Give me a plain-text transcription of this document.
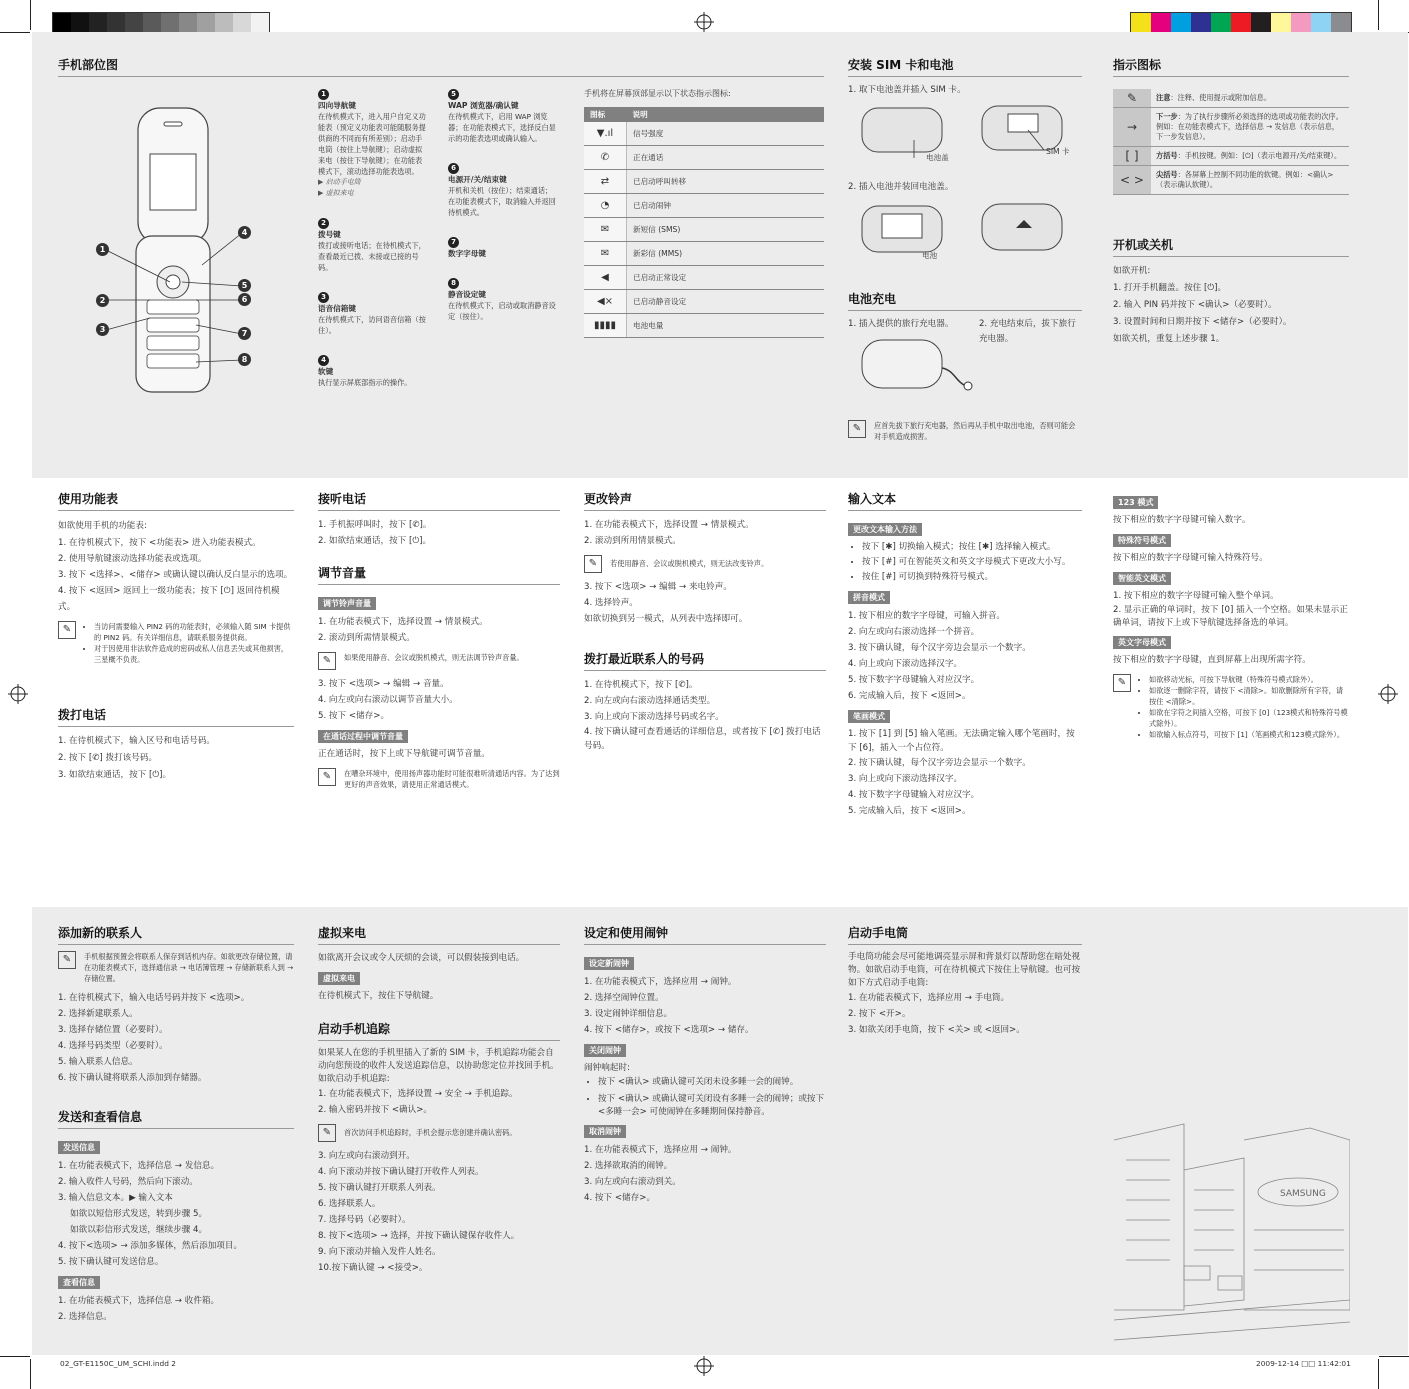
手机部位图
1
2
3
4
5
6
7
8
1
四向导航键
在待机模式下，进入用户自定义功能表（预定义功能表可能随服务提供商的不同而有所差别）；启动手电筒（按住上导航键）；启动虚拟来电（按住下导航键）；在功能表模式下，滚动选择功能表选项。
▶ 启动手电筒
▶ 虚拟来电
2
拨号键
拨打或接听电话；在待机模式下，查看最近已拨、未接或已接的号码。
3
语音信箱键
在待机模式下，访问语音信箱（按住）。
4
软键
执行显示屏底部指示的操作。
5
WAP 浏览器/确认键
在待机模式下，启用 WAP 浏览器；在功能表模式下，选择反白显示的功能表选项或确认输入。
6
电源开/关/结束键
开机和关机（按住）；结束通话；在功能表模式下，取消输入并返回待机模式。
7
数字字母键
8
静音设定键
在待机模式下，启动或取消静音设定（按住）。

手机将在屏幕顶部显示以下状态指示图标:

图标	说明
▼.ıl	信号强度
✆	正在通话
⇄	已启动呼叫转移
◔	已启动闹钟
✉	新短信 (SMS)
✉	新彩信 (MMS)
◀	已启动正常设定
◀×	已启动静音设定
▮▮▮▮	电池电量
安装 SIM 卡和电池

1. 取下电池盖并插入 SIM 卡。

电池盖
SIM 卡

2. 插入电池并装回电池盖。

电池
电池充电

1. 插入提供的旅行充电器。	2. 充电结束后，拔下旅行充电器。

✎	应首先拔下旅行充电器，然后再从手机中取出电池，否则可能会对手机造成损害。
指示图标
✎	注意：注释、使用提示或附加信息。
→	下一步：为了执行步骤所必须选择的选项或功能表的次序。例如：在功能表模式下，选择信息 → 发信息（表示信息，下一步发信息）。
[ ]	方括号：手机按键。例如：[⏻]（表示电源开/关/结束键）。
< >	尖括号：各屏幕上控制不同功能的软键。例如：<确认>（表示确认软键）。
开机或关机

如欲开机:

1. 打开手机翻盖。按住 [⏻]。

2. 输入 PIN 码并按下 <确认>（必要时）。

3. 设置时间和日期并按下 <储存>（必要时）。

如欲关机，重复上述步骤 1。

使用功能表

如欲使用手机的功能表:

1. 在待机模式下，按下 <功能表> 进入功能表模式。

2. 使用导航键滚动选择功能表或选项。

3. 按下 <选择>、<储存> 或确认键以确认反白显示的选项。

4. 按下 <返回> 返回上一级功能表；按下 [⏻] 返回待机模式。

✎	• 当访问需要输入 PIN2 码的功能表时，必须输入随 SIM 卡提供的 PIN2 码。有关详细信息，请联系服务提供商。
• 对于因使用非法软件造成的密码或私人信息丢失或其他损害，三星概不负责。
拨打电话

1. 在待机模式下，输入区号和电话号码。

2. 按下 [✆] 拨打该号码。

3. 如欲结束通话，按下 [⏻]。

接听电话

1. 手机振呼叫时，按下 [✆]。

2. 如欲结束通话，按下 [⏻]。

调节音量
调节铃声音量

1. 在功能表模式下，选择设置 → 情景模式。

2. 滚动到所需情景模式。

✎	如果使用静音、会议或脱机模式，则无法调节铃声音量。

3. 按下 <选项> → 编辑 → 音量。

4. 向左或向右滚动以调节音量大小。

5. 按下 <储存>。

在通话过程中调节音量

正在通话时，按下上或下导航键可调节音量。

✎	在嘈杂环境中，使用扬声器功能时可能很难听清通话内容。为了达到更好的声音效果，请使用正常通话模式。
更改铃声

1. 在功能表模式下，选择设置 → 情景模式。

2. 滚动到所用情景模式。

✎	若使用静音、会议或脱机模式，则无法改变铃声。

3. 按下 <选项> → 编辑 → 来电铃声。

4. 选择铃声。

如欲切换到另一模式，从列表中选择即可。

拨打最近联系人的号码

1. 在待机模式下，按下 [✆]。

2. 向左或向右滚动选择通话类型。

3. 向上或向下滚动选择号码或名字。

4. 按下确认键可查看通话的详细信息，或者按下 [✆] 拨打电话号码。

输入文本
更改文本输入方法
• 按下 [✱] 切换输入模式；按住 [✱] 选择输入模式。
• 按下 [#] 可在智能英文和英文字母模式下更改大小写。
• 按住 [#] 可切换到特殊符号模式。
拼音模式

1. 按下相应的数字字母键，可输入拼音。

2. 向左或向右滚动选择一个拼音。

3. 按下确认键，每个汉字旁边会显示一个数字。

4. 向上或向下滚动选择汉字。

5. 按下数字字母键输入对应汉字。

6. 完成输入后，按下 <返回>。

笔画模式

1. 按下 [1] 到 [5] 输入笔画。无法确定输入哪个笔画时，按下 [6]，插入一个占位符。

2. 按下确认键，每个汉字旁边会显示一个数字。

3. 向上或向下滚动选择汉字。

4. 按下数字字母键输入对应汉字。

5. 完成输入后，按下 <返回>。

123 模式

按下相应的数字字母键可输入数字。

特殊符号模式

按下相应的数字字母键可输入特殊符号。

智能英文模式

1. 按下相应的数字字母键可输入整个单词。

2. 显示正确的单词时，按下 [0] 插入一个空格。如果未显示正确单词，请按下上或下导航键选择备选的单词。

英文字母模式

按下相应的数字字母键，直到屏幕上出现所需字符。

✎	• 如欲移动光标，可按下导航键（特殊符号模式除外）。
• 如欲逐一删除字符，请按下 <清除>。如欲删除所有字符，请按住 <清除>。
• 如欲在字符之间插入空格，可按下 [0]（123模式和特殊符号模式除外）。
• 如欲输入标点符号，可按下 [1]（笔画模式和123模式除外）。
添加新的联系人
✎	手机根据预置会将联系人保存到话机内存。如欲更改存储位置，请在功能表模式下，选择通信录 → 电话簿管理 → 存储新联系人到 → 存储位置。

1. 在待机模式下，输入电话号码并按下 <选项>。

2. 选择新建联系人。

3. 选择存储位置（必要时）。

4. 选择号码类型（必要时）。

5. 输入联系人信息。

6. 按下确认键将联系人添加到存储器。

发送和查看信息
发送信息

1. 在功能表模式下，选择信息 → 发信息。

2. 输入收件人号码，然后向下滚动。

3. 输入信息文本。▶ 输入文本

如欲以短信形式发送，转到步骤 5。

如欲以彩信形式发送，继续步骤 4。

4. 按下<选项> → 添加多媒体，然后添加项目。

5. 按下确认键可发送信息。

查看信息

1. 在功能表模式下，选择信息 → 收件箱。

2. 选择信息。

虚拟来电

如欲离开会议或令人厌烦的会谈，可以假装接到电话。

虚拟来电

在待机模式下，按住下导航键。

启动手机追踪

如果某人在您的手机里插入了新的 SIM 卡，手机追踪功能会自动向您预设的收件人发送追踪信息，以协助您定位并找回手机。如欲启动手机追踪:

1. 在功能表模式下，选择设置 → 安全 → 手机追踪。

2. 输入密码并按下 <确认>。

✎	首次访问手机追踪时，手机会提示您创建并确认密码。

3. 向左或向右滚动到开。

4. 向下滚动并按下确认键打开收件人列表。

5. 按下确认键打开联系人列表。

6. 选择联系人。

7. 选择号码（必要时）。

8. 按下<选项> → 选择，并按下确认键保存收件人。

9. 向下滚动并输入发件人姓名。

10.按下确认键 → <接受>。

设定和使用闹钟
设定新闹钟

1. 在功能表模式下，选择应用 → 闹钟。

2. 选择空闹钟位置。

3. 设定闹钟详细信息。

4. 按下 <储存>，或按下 <选项> → 储存。

关闭闹钟

闹钟响起时:

• 按下 <确认> 或确认键可关闭未设多睡一会的闹钟。
• 按下 <确认> 或确认键可关闭设有多睡一会的闹钟；或按下 <多睡一会> 可使闹钟在多睡期间保持静音。
取消闹钟

1. 在功能表模式下，选择应用 → 闹钟。

2. 选择欲取消的闹钟。

3. 向左或向右滚动到关。

4. 按下 <储存>。

启动手电筒

手电筒功能会尽可能地调亮显示屏和背景灯以帮助您在暗处视物。如欲启动手电筒，可在待机模式下按住上导航键。也可按如下方式启动手电筒:

1. 在功能表模式下，选择应用 → 手电筒。

2. 按下 <开>。

3. 如欲关闭手电筒，按下 <关> 或 <返回>。

SAMSUNG
02_GT-E1150C_UM_SCHI.indd 2	2009-12-14 □□ 11:42:01
